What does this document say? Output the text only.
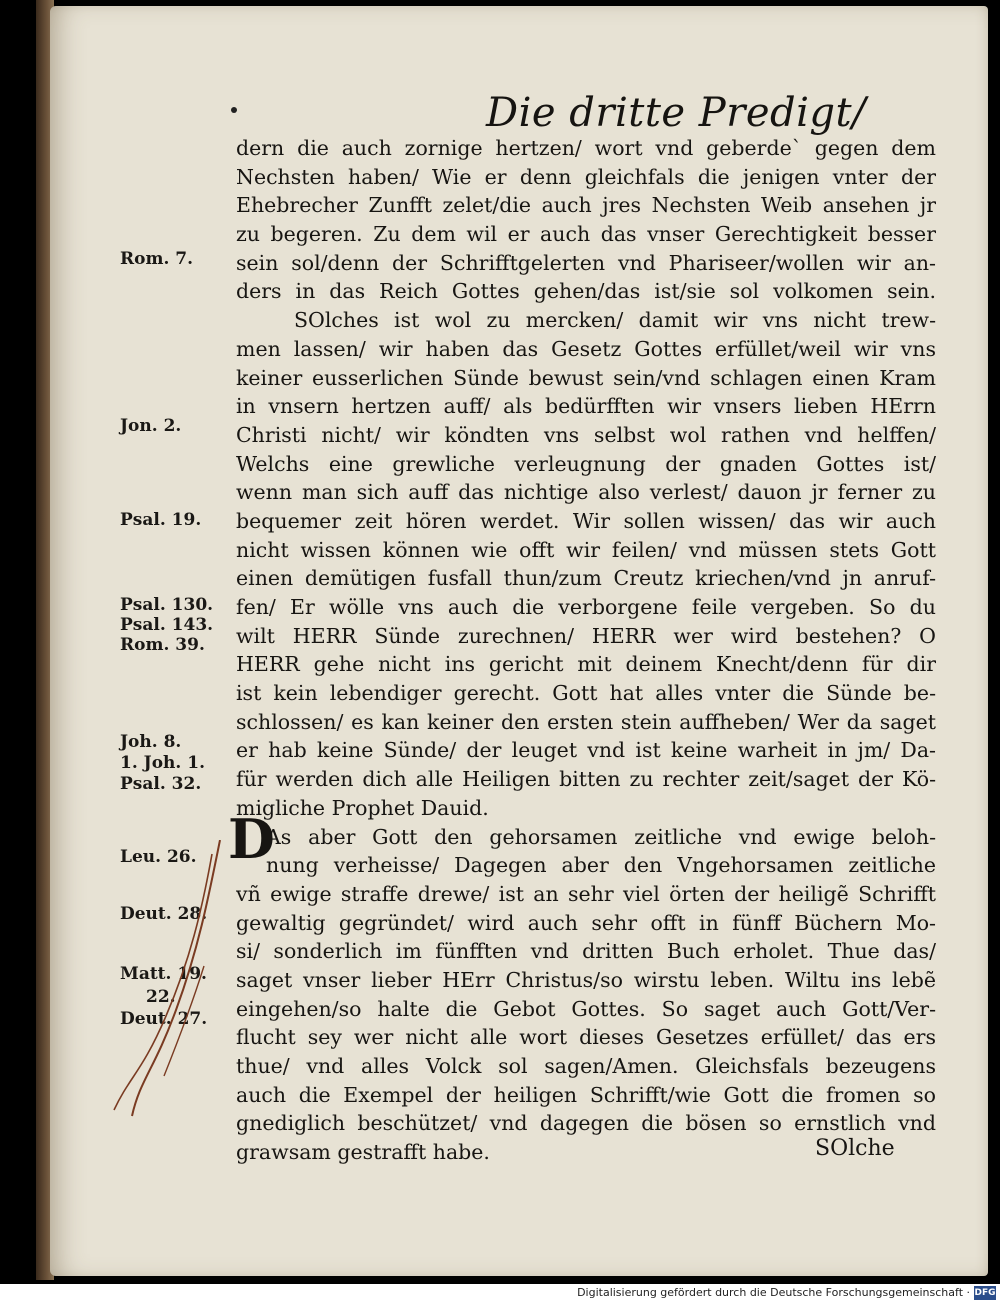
Die dritte Predigt/
dern die auch zornige hertzen/ wort vnd geberde` gegen dem
Nechsten haben/ Wie er denn gleichfals die jenigen vnter der
Ehebrecher Zunfft zelet/die auch jres Nechsten Weib ansehen jr
zu begeren. Zu dem wil er auch das vnser Gerechtigkeit besser
sein sol/denn der Schrifftgelerten vnd Phariseer/wollen wir an-
ders in das Reich Gottes gehen/das ist/sie sol volkomen sein.
SOlches ist wol zu mercken/ damit wir vns nicht trew-
men lassen/ wir haben das Gesetz Gottes erfüllet/weil wir vns
keiner eusserlichen Sünde bewust sein/vnd schlagen einen Kram
in vnsern hertzen auff/ als bedürfften wir vnsers lieben HErrn
Christi nicht/ wir köndten vns selbst wol rathen vnd helffen/
Welchs eine grewliche verleugnung der gnaden Gottes ist/
wenn man sich auff das nichtige also verlest/ dauon jr ferner zu
bequemer zeit hören werdet. Wir sollen wissen/ das wir auch
nicht wissen können wie offt wir feilen/ vnd müssen stets Gott
einen demütigen fusfall thun/zum Creutz kriechen/vnd jn anruf-
fen/ Er wölle vns auch die verborgene feile vergeben. So du
wilt HERR Sünde zurechnen/ HERR wer wird bestehen? O
HERR gehe nicht ins gericht mit deinem Knecht/denn für dir
ist kein lebendiger gerecht. Gott hat alles vnter die Sünde be-
schlossen/ es kan keiner den ersten stein auffheben/ Wer da saget
er hab keine Sünde/ der leuget vnd ist keine warheit in jm/ Da-
für werden dich alle Heiligen bitten zu rechter zeit/saget der Kö-
migliche Prophet Dauid.
As aber Gott den gehorsamen zeitliche vnd ewige beloh-
nung verheisse/ Dagegen aber den Vngehorsamen zeitliche
vñ ewige straffe drewe/ ist an sehr viel örten der heiligẽ Schrifft
gewaltig gegründet/ wird auch sehr offt in fünff Büchern Mo-
si/ sonderlich im fünfften vnd dritten Buch erholet. Thue das/
saget vnser lieber HErr Christus/so wirstu leben. Wiltu ins lebẽ
eingehen/so halte die Gebot Gottes. So saget auch Gott/Ver-
flucht sey wer nicht alle wort dieses Gesetzes erfüllet/ das ers
thue/ vnd alles Volck sol sagen/Amen. Gleichsfals bezeugens
auch die Exempel der heiligen Schrifft/wie Gott die fromen so
gnediglich beschützet/ vnd dagegen die bösen so ernstlich vnd
grawsam gestrafft habe.
D
SOlche
Rom. 7.
Jon. 2.
Psal. 19.
Psal. 130.
Psal. 143.
Rom. 39.
Joh. 8.
1. Joh. 1.
Psal. 32.
Leu. 26.
Deut. 28.
Matt. 19.
22.
Deut. 27.
Digitalisierung gefördert durch die Deutsche Forschungsgemeinschaft · DFG
